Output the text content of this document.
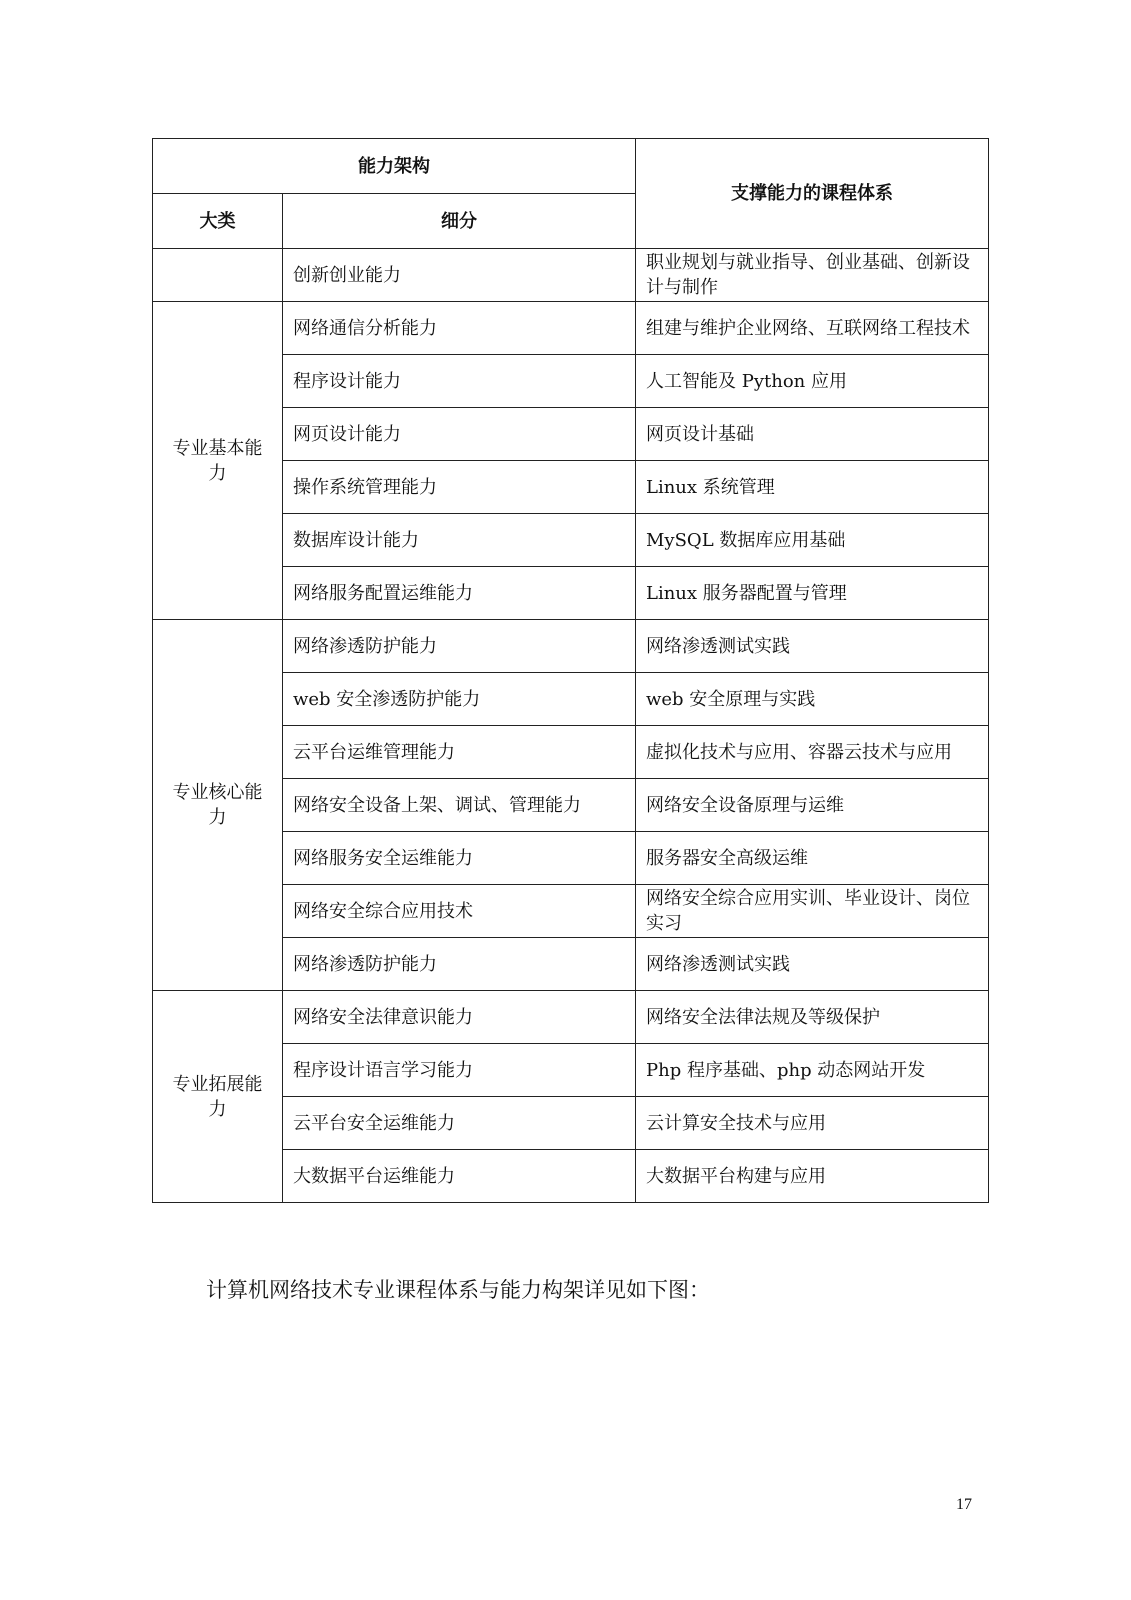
能力架构		支撑能力的课程体系
大类	细分	
	创新创业能力	职业规划与就业指导、创业基础、创新设计与制作
专业基本能力	网络通信分析能力	组建与维护企业网络、互联网络工程技术
	程序设计能力	人工智能及 Python 应用
	网页设计能力	网页设计基础
	操作系统管理能力	Linux 系统管理
	数据库设计能力	MySQL 数据库应用基础
	网络服务配置运维能力	Linux 服务器配置与管理
专业核心能力	网络渗透防护能力	网络渗透测试实践
	web 安全渗透防护能力	web 安全原理与实践
	云平台运维管理能力	虚拟化技术与应用、容器云技术与应用
	网络安全设备上架、调试、管理能力	网络安全设备原理与运维
	网络服务安全运维能力	服务器安全高级运维
	网络安全综合应用技术	网络安全综合应用实训、毕业设计、岗位实习
	网络渗透防护能力	网络渗透测试实践
专业拓展能力	网络安全法律意识能力	网络安全法律法规及等级保护
	程序设计语言学习能力	Php 程序基础、php 动态网站开发
	云平台安全运维能力	云计算安全技术与应用
	大数据平台运维能力	大数据平台构建与应用
计算机网络技术专业课程体系与能力构架详见如下图：
17
